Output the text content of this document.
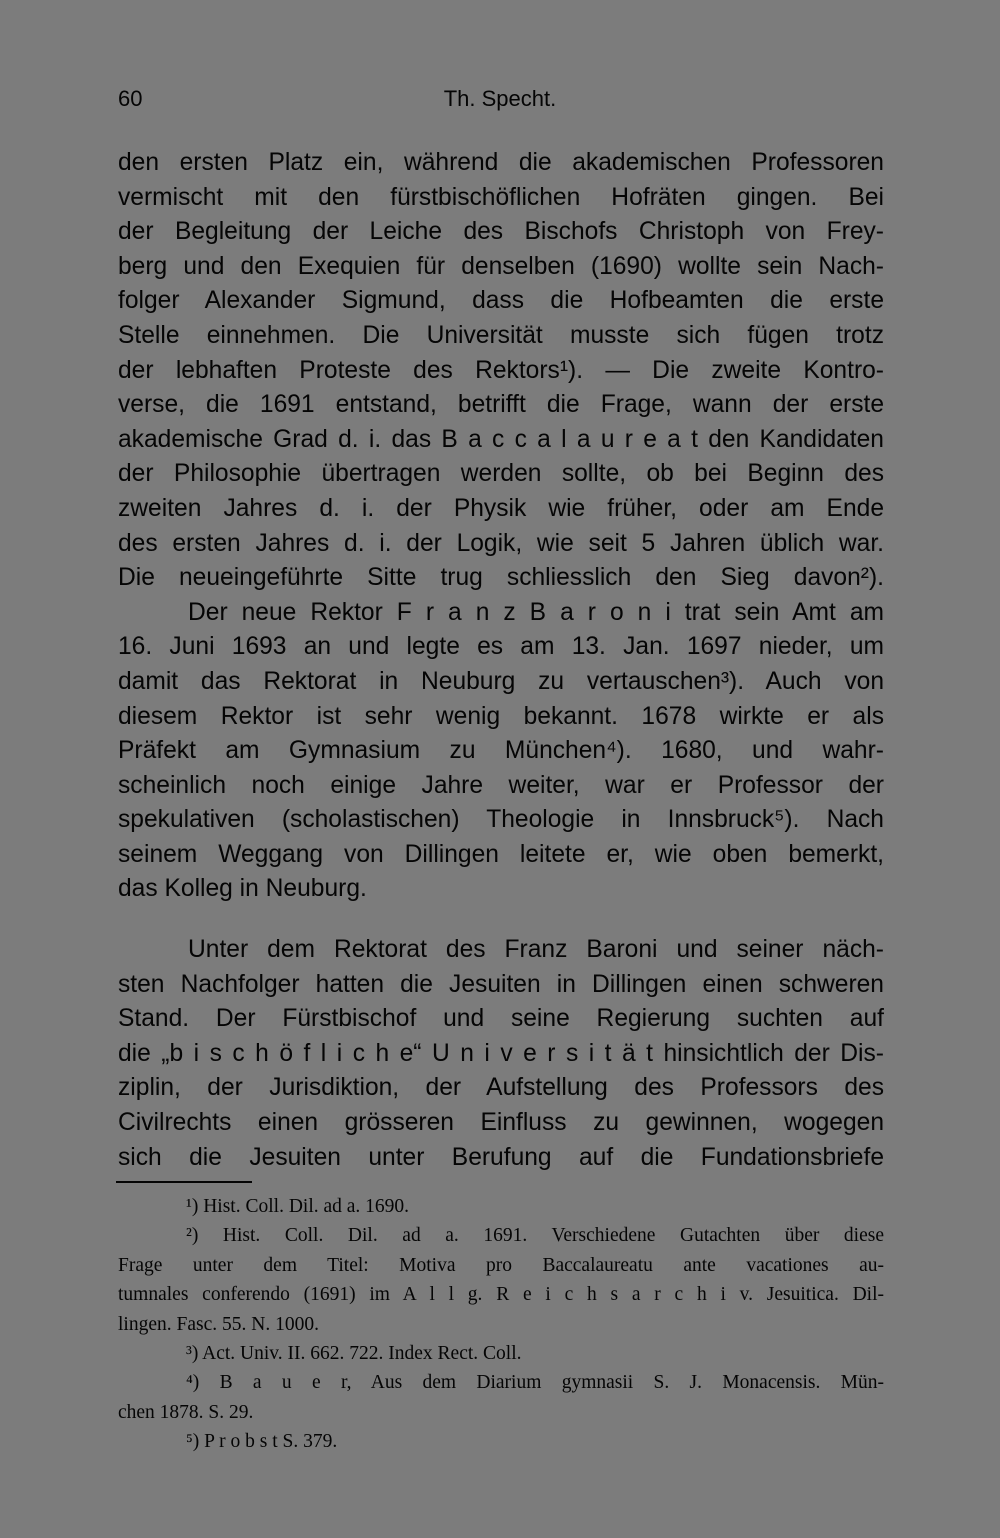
60	Th. Specht.
den ersten Platz ein, während die akademischen Professoren
vermischt mit den fürstbischöflichen Hofräten gingen. Bei
der Begleitung der Leiche des Bischofs Christoph von Frey-
berg und den Exequien für denselben (1690) wollte sein Nach-
folger Alexander Sigmund, dass die Hofbeamten die erste
Stelle einnehmen. Die Universität musste sich fügen trotz
der lebhaften Proteste des Rektors¹). — Die zweite Kontro-
verse, die 1691 entstand, betrifft die Frage, wann der erste
akademische Grad d. i. das B a c c a l a u r e a t den Kandidaten
der Philosophie übertragen werden sollte, ob bei Beginn des
zweiten Jahres d. i. der Physik wie früher, oder am Ende
des ersten Jahres d. i. der Logik, wie seit 5 Jahren üblich war.
Die neueingeführte Sitte trug schliesslich den Sieg davon²).
Der neue Rektor F r a n z B a r o n i trat sein Amt am
16. Juni 1693 an und legte es am 13. Jan. 1697 nieder, um
damit das Rektorat in Neuburg zu vertauschen³). Auch von
diesem Rektor ist sehr wenig bekannt. 1678 wirkte er als
Präfekt am Gymnasium zu München⁴). 1680, und wahr-
scheinlich noch einige Jahre weiter, war er Professor der
spekulativen (scholastischen) Theologie in Innsbruck⁵). Nach
seinem Weggang von Dillingen leitete er, wie oben bemerkt,
das Kolleg in Neuburg.
Unter dem Rektorat des Franz Baroni und seiner näch-
sten Nachfolger hatten die Jesuiten in Dillingen einen schweren
Stand. Der Fürstbischof und seine Regierung suchten auf
die „b i s c h ö f l i c h e“ U n i v e r s i t ä t hinsichtlich der Dis-
ziplin, der Jurisdiktion, der Aufstellung des Professors des
Civilrechts einen grösseren Einfluss zu gewinnen, wogegen
sich die Jesuiten unter Berufung auf die Fundationsbriefe
¹) Hist. Coll. Dil. ad a. 1690.
²) Hist. Coll. Dil. ad a. 1691. Verschiedene Gutachten über diese
Frage unter dem Titel: Motiva pro Baccalaureatu ante vacationes au-
tumnales conferendo (1691) im A l l g. R e i c h s a r c h i v. Jesuitica. Dil-
lingen. Fasc. 55. N. 1000.
³) Act. Univ. II. 662. 722. Index Rect. Coll.
⁴) B a u e r, Aus dem Diarium gymnasii S. J. Monacensis. Mün-
chen 1878. S. 29.
⁵) P r o b s t S. 379.
